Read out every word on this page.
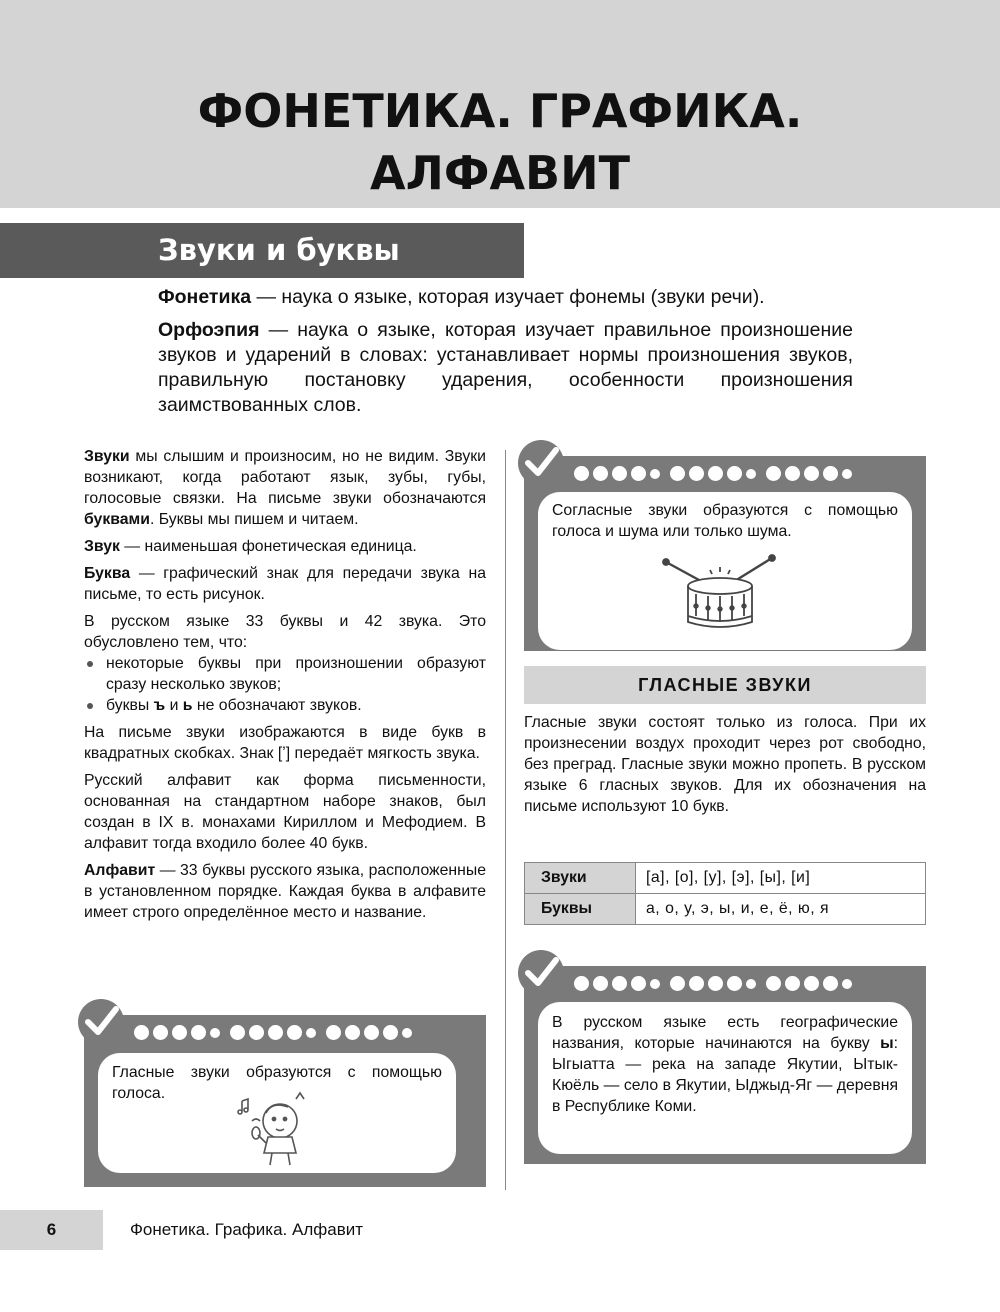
ФОНЕТИКА. ГРАФИКА.
АЛФАВИТ
Звуки и буквы

Фонетика — наука о языке, которая изучает фонемы (звуки речи).

Орфоэпия — наука о языке, которая изучает правильное произношение звуков и ударений в словах: устанавливает нормы произношения звуков, правильную постановку ударения, особенности произношения заимствованных слов.

Звуки мы слышим и произносим, но не видим. Звуки возникают, когда работают язык, зубы, губы, голосовые связки. На письме звуки обозначаются буквами. Буквы мы пишем и читаем.

Звук — наименьшая фонетическая единица.

Буква — графический знак для передачи звука на письме, то есть рисунок.

В русском языке 33 буквы и 42 звука. Это обусловлено тем, что:

некоторые буквы при произношении образуют сразу несколько звуков;
буквы ъ и ь не обозначают звуков.

На письме звуки изображаются в виде букв в квадратных скобках. Знак [ʼ] передаёт мягкость звука.

Русский алфавит как форма письменности, основанная на стандартном наборе знаков, был создан в IX в. монахами Кириллом и Мефодием. В алфавит тогда входило более 40 букв.

Алфавит — 33 буквы русского языка, расположенные в установленном порядке. Каждая буква в алфавите имеет строго определённое место и название.

Гласные звуки образуются с помощью голоса.
Согласные звуки образуются с помощью голоса и шума или только шума.
ГЛАСНЫЕ ЗВУКИ
Гласные звуки состоят только из голоса. При их произнесении воздух проходит через рот свободно, без преград. Гласные звуки можно пропеть. В русском языке 6 гласных звуков. Для их обозначения на письме используют 10 букв.
Звуки	[а], [о], [у], [э], [ы], [и]
Буквы	а, о, у, э, ы, и, е, ё, ю, я
В русском языке есть географические названия, которые начинаются на букву ы: Ыгыатта — река на западе Якутии, Ытык-Кюёль — село в Якутии, Ыджыд-Яг — деревня в Республике Коми.
6	Фонетика. Графика. Алфавит
